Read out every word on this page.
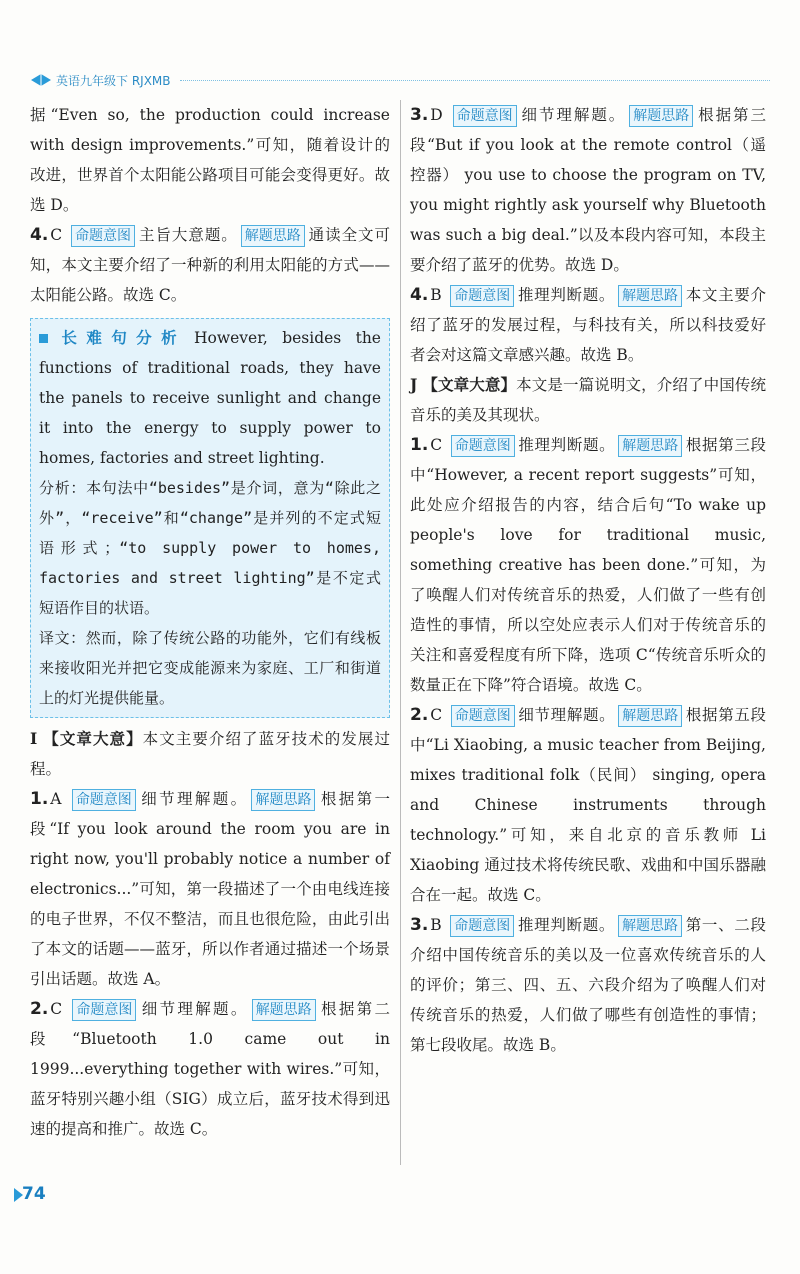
英语九年级下 RJXMB

据“Even so, the production could increase with design improvements.”可知，随着设计的改进，世界首个太阳能公路项目可能会变得更好。故选 D。

4. C 命题意图 主旨大意题。 解题思路 通读全文可知，本文主要介绍了一种新的利用太阳能的方式——太阳能公路。故选 C。

长难句分析 However, besides the functions of traditional roads, they have the panels to receive sunlight and change it into the energy to supply power to homes, factories and street lighting.

分析：本句法中“besides”是介词，意为“除此之外”，“receive”和“change”是并列的不定式短语形式；“to supply power to homes, factories and street lighting”是不定式短语作目的状语。

译文：然而，除了传统公路的功能外，它们有线板来接收阳光并把它变成能源来为家庭、工厂和街道上的灯光提供能量。

I 【文章大意】本文主要介绍了蓝牙技术的发展过程。

1. A 命题意图 细节理解题。 解题思路 根据第一段“If you look around the room you are in right now, you'll probably notice a number of electronics...”可知，第一段描述了一个由电线连接的电子世界，不仅不整洁，而且也很危险，由此引出了本文的话题——蓝牙，所以作者通过描述一个场景引出话题。故选 A。

2. C 命题意图 细节理解题。 解题思路 根据第二段“Bluetooth 1.0 came out in 1999...everything together with wires.”可知，蓝牙特别兴趣小组（SIG）成立后，蓝牙技术得到迅速的提高和推广。故选 C。

3. D 命题意图 细节理解题。 解题思路 根据第三段“But if you look at the remote control（遥控器） you use to choose the program on TV, you might rightly ask yourself why Bluetooth was such a big deal.”以及本段内容可知，本段主要介绍了蓝牙的优势。故选 D。

4. B 命题意图 推理判断题。 解题思路 本文主要介绍了蓝牙的发展过程，与科技有关，所以科技爱好者会对这篇文章感兴趣。故选 B。

J 【文章大意】本文是一篇说明文，介绍了中国传统音乐的美及其现状。

1. C 命题意图 推理判断题。 解题思路 根据第三段中“However, a recent report suggests”可知，此处应介绍报告的内容，结合后句“To wake up people's love for traditional music, something creative has been done.”可知，为了唤醒人们对传统音乐的热爱，人们做了一些有创造性的事情，所以空处应表示人们对于传统音乐的关注和喜爱程度有所下降，选项 C“传统音乐听众的数量正在下降”符合语境。故选 C。

2. C 命题意图 细节理解题。 解题思路 根据第五段中“Li Xiaobing, a music teacher from Beijing, mixes traditional folk（民间） singing, opera and Chinese instruments through technology.”可知，来自北京的音乐教师 Li Xiaobing 通过技术将传统民歌、戏曲和中国乐器融合在一起。故选 C。

3. B 命题意图 推理判断题。 解题思路 第一、二段介绍中国传统音乐的美以及一位喜欢传统音乐的人的评价；第三、四、五、六段介绍为了唤醒人们对传统音乐的热爱，人们做了哪些有创造性的事情；第七段收尾。故选 B。

74
